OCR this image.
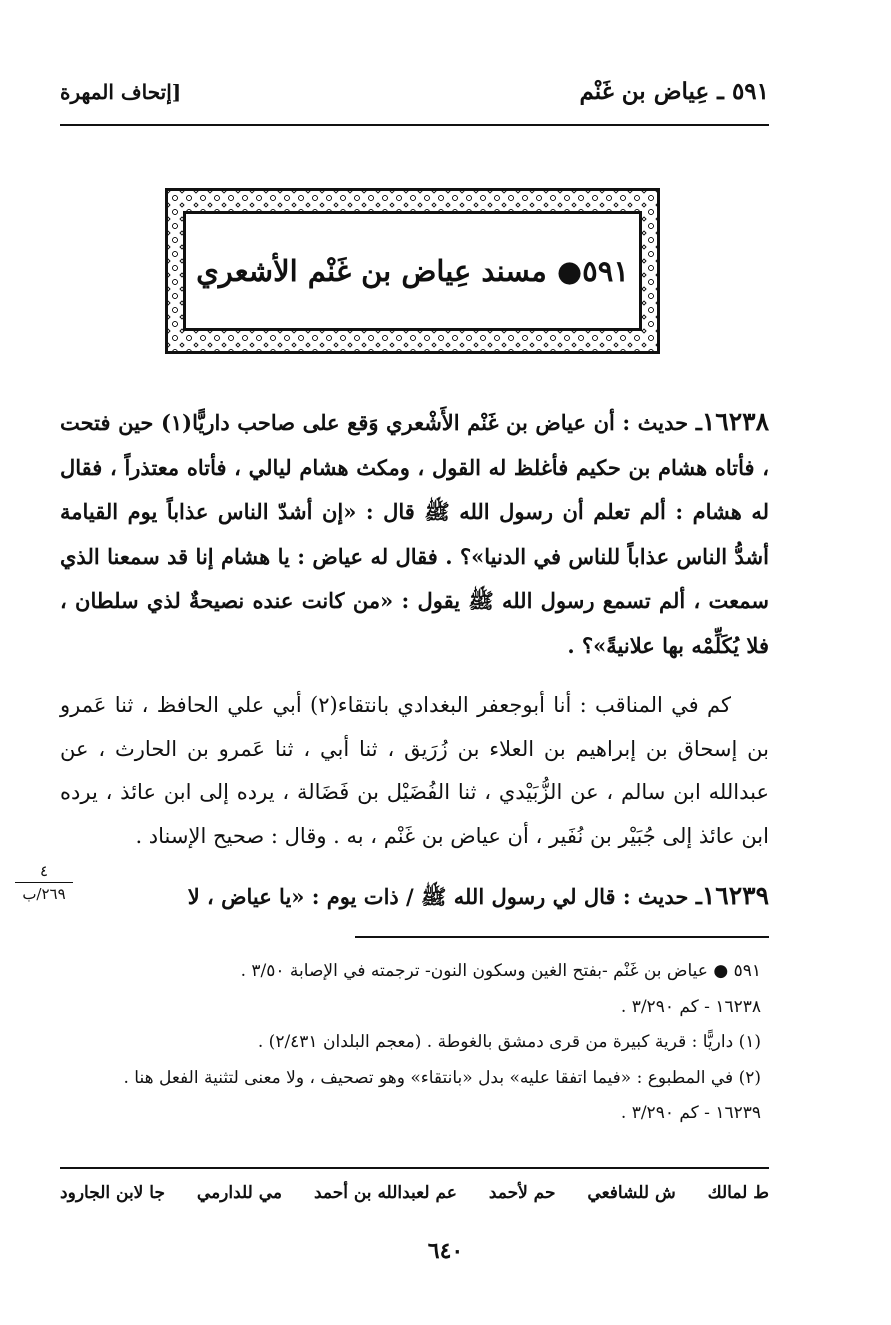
٥٩١ ـ عِياض بن غَنْم
[إتحاف المهرة
٥٩١● مسند عِياض بن غَنْم الأشعري

١٦٢٣٨ـ حديث : أن عياض بن غَنْم الأَشْعري وَقع على صاحب داريًّا(١) حين فتحت ، فأتاه هشام بن حكيم فأغلظ له القول ، ومكث هشام ليالي ، فأتاه معتذراً ، فقال له هشام : ألم تعلم أن رسول الله ﷺ قال : «إن أشدّ الناس عذاباً يوم القيامة أشدُّ الناس عذاباً للناس في الدنيا»؟ . فقال له عياض : يا هشام إنا قد سمعنا الذي سمعت ، ألم تسمع رسول الله ﷺ يقول : «من كانت عنده نصيحةٌ لذي سلطان ، فلا يُكَلِّمْه بها علانيةً»؟ .

كم في المناقب : أنا أبوجعفر البغدادي بانتقاء(٢) أبي علي الحافظ ، ثنا عَمرو بن إسحاق بن إبراهيم بن العلاء بن زُرَيق ، ثنا أبي ، ثنا عَمرو بن الحارث ، عن عبدالله ابن سالم ، عن الزُّبَيْدي ، ثنا الفُضَيْل بن فَضَالة ، يرده إلى ابن عائذ ، يرده ابن عائذ إلى جُبَيْر بن نُفَير ، أن عياض بن غَنْم ، به . وقال : صحيح الإسناد .

١٦٢٣٩ـ حديث : قال لي رسول الله ﷺ / ذات يوم : «يا عياض ، لا

٤
٢٦٩/ب
٥٩١ ● عياض بن غَنْم -بفتح الغين وسكون النون- ترجمته في الإصابة ٣/٥٠ .
١٦٢٣٨ - كم ٣/٢٩٠ .
(١) داريًّا : قرية كبيرة من قرى دمشق بالغوطة . (معجم البلدان ٢/٤٣١) .
(٢) في المطبوع : «فيما اتفقا عليه» بدل «بانتقاء» وهو تصحيف ، ولا معنى لتثنية الفعل هنا .
١٦٢٣٩ - كم ٣/٢٩٠ .
ط لمالك
ش للشافعي
حم لأحمد
عم لعبدالله بن أحمد
مي للدارمي
جا لابن الجارود
٦٤٠
